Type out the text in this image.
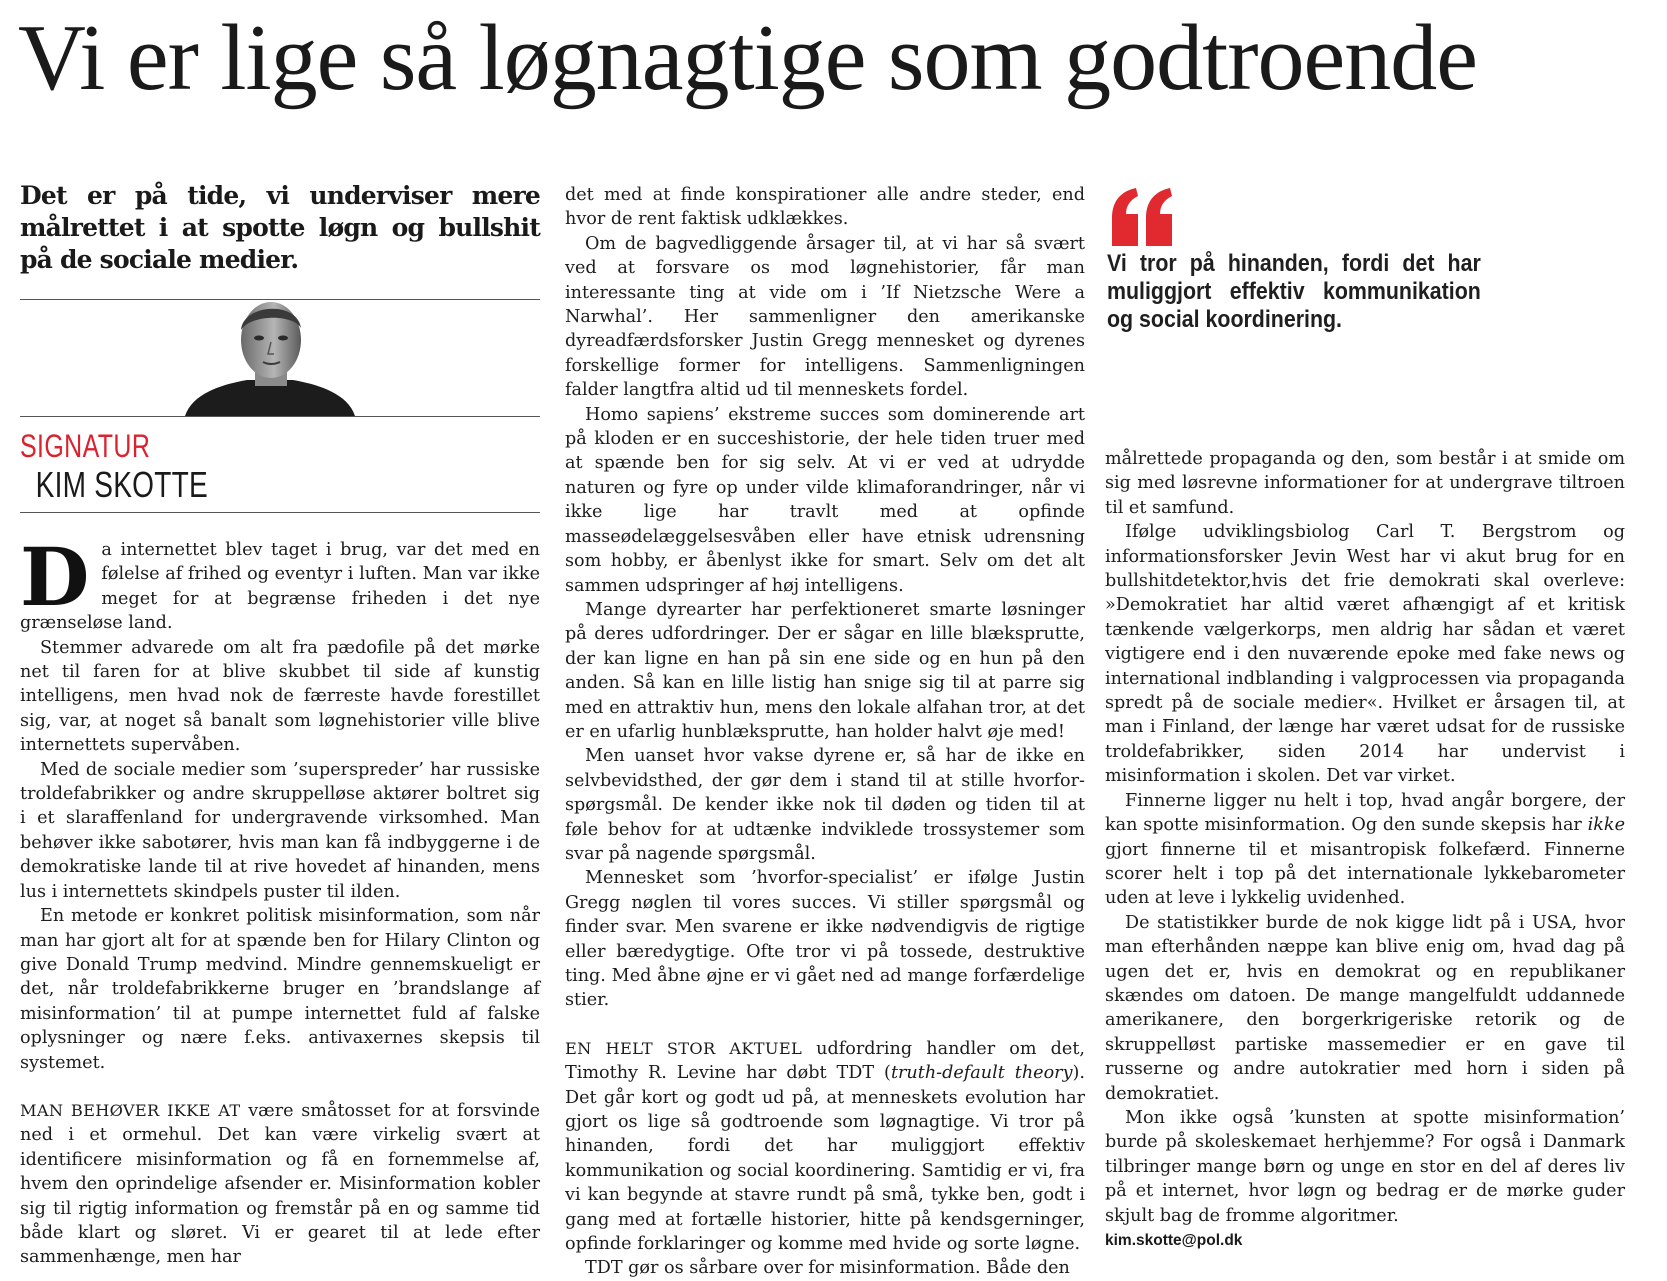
Vi er lige så løgnagtige som godtroende

Det er på tide, vi underviser mere målrettet i at spotte løgn og bullshit på de sociale medier.

SIGNATUR

KIM SKOTTE

Da internettet blev taget i brug, var det med en følelse af frihed og eventyr i luften. Man var ikke meget for at begrænse friheden i det nye grænseløse land.

Stemmer advarede om alt fra pædofile på det mørke net til faren for at blive skubbet til side af kunstig intelligens, men hvad nok de færreste havde forestillet sig, var, at noget så banalt som løgnehistorier ville blive internettets supervåben.

Med de sociale medier som ’superspreder’ har russiske troldefabrikker og andre skruppelløse aktører boltret sig i et slaraffenland for undergravende virksomhed. Man behøver ikke sabotører, hvis man kan få indbyggerne i de demokratiske lande til at rive hovedet af hinanden, mens lus i internettets skindpels puster til ilden.

En metode er konkret politisk misinformation, som når man har gjort alt for at spænde ben for Hilary Clinton og give Donald Trump medvind. Mindre gennemskueligt er det, når troldefabrikkerne bruger en ’brandslange af misinformation’ til at pumpe internettet fuld af falske oplysninger og nære f.eks. antivaxernes skepsis til systemet.

MAN BEHØVER IKKE AT være småtosset for at forsvinde ned i et ormehul. Det kan være virkelig svært at identificere misinformation og få en fornemmelse af, hvem den oprindelige afsender er. Misinformation kobler sig til rigtig information og fremstår på en og samme tid både klart og sløret. Vi er gearet til at lede efter sammenhænge, men har

det med at finde konspirationer alle andre steder, end hvor de rent faktisk udklækkes.

Om de bagvedliggende årsager til, at vi har så svært ved at forsvare os mod løgnehistorier, får man interessante ting at vide om i ’If Nietzsche Were a Narwhal’. Her sammenligner den amerikanske dyreadfærdsforsker Justin Gregg mennesket og dyrenes forskellige former for intelligens. Sammenligningen falder langtfra altid ud til menneskets fordel.

Homo sapiens’ ekstreme succes som dominerende art på kloden er en succeshistorie, der hele tiden truer med at spænde ben for sig selv. At vi er ved at udrydde naturen og fyre op under vilde klimaforandringer, når vi ikke lige har travlt med at opfinde masseødelæggelsesvåben eller have etnisk udrensning som hobby, er åbenlyst ikke for smart. Selv om det alt sammen udspringer af høj intelligens.

Mange dyrearter har perfektioneret smarte løsninger på deres udfordringer. Der er sågar en lille blæksprutte, der kan ligne en han på sin ene side og en hun på den anden. Så kan en lille listig han snige sig til at parre sig med en attraktiv hun, mens den lokale alfahan tror, at det er en ufarlig hunblæksprutte, han holder halvt øje med!

Men uanset hvor vakse dyrene er, så har de ikke en selvbevidsthed, der gør dem i stand til at stille hvorfor-spørgsmål. De kender ikke nok til døden og tiden til at føle behov for at udtænke indviklede trossystemer som svar på nagende spørgsmål.

Mennesket som ’hvorfor-specialist’ er ifølge Justin Gregg nøglen til vores succes. Vi stiller spørgsmål og finder svar. Men svarene er ikke nødvendigvis de rigtige eller bæredygtige. Ofte tror vi på tossede, destruktive ting. Med åbne øjne er vi gået ned ad mange forfærdelige stier.

EN HELT STOR AKTUEL udfordring handler om det, Timothy R. Levine har døbt TDT (truth-default theory). Det går kort og godt ud på, at menneskets evolution har gjort os lige så godtroende som løgnagtige. Vi tror på hinanden, fordi det har muliggjort effektiv kommunikation og social koordinering. Samtidig er vi, fra vi kan begynde at stavre rundt på små, tykke ben, godt i gang med at fortælle historier, hitte på kendsgerninger, opfinde forklaringer og komme med hvide og sorte løgne.

TDT gør os sårbare over for misinformation. Både den

Vi tror på hinanden, fordi det har muliggjort effektiv kommunikation og social koordinering.

målrettede propaganda og den, som består i at smide om sig med løsrevne informationer for at undergrave tiltroen til et samfund.

Ifølge udviklingsbiolog Carl T. Bergstrom og informationsforsker Jevin West har vi akut brug for en bullshitdetektor,hvis det frie demokrati skal overleve: »Demokratiet har altid været afhængigt af et kritisk tænkende vælgerkorps, men aldrig har sådan et været vigtigere end i den nuværende epoke med fake news og international indblanding i valgprocessen via propaganda spredt på de sociale medier«. Hvilket er årsagen til, at man i Finland, der længe har været udsat for de russiske troldefabrikker, siden 2014 har undervist i misinformation i skolen. Det var virket.

Finnerne ligger nu helt i top, hvad angår borgere, der kan spotte misinformation. Og den sunde skepsis har ikke gjort finnerne til et misantropisk folkefærd. Finnerne scorer helt i top på det internationale lykkebarometer uden at leve i lykkelig uvidenhed.

De statistikker burde de nok kigge lidt på i USA, hvor man efterhånden næppe kan blive enig om, hvad dag på ugen det er, hvis en demokrat og en republikaner skændes om datoen. De mange mangelfuldt uddannede amerikanere, den borgerkrigeriske retorik og de skruppelløst partiske massemedier er en gave til russerne og andre autokratier med horn i siden på demokratiet.

Mon ikke også ’kunsten at spotte misinformation’ burde på skoleskemaet herhjemme? For også i Danmark tilbringer mange børn og unge en stor en del af deres liv på et internet, hvor løgn og bedrag er de mørke guder skjult bag de fromme algoritmer.

kim.skotte@pol.dk
